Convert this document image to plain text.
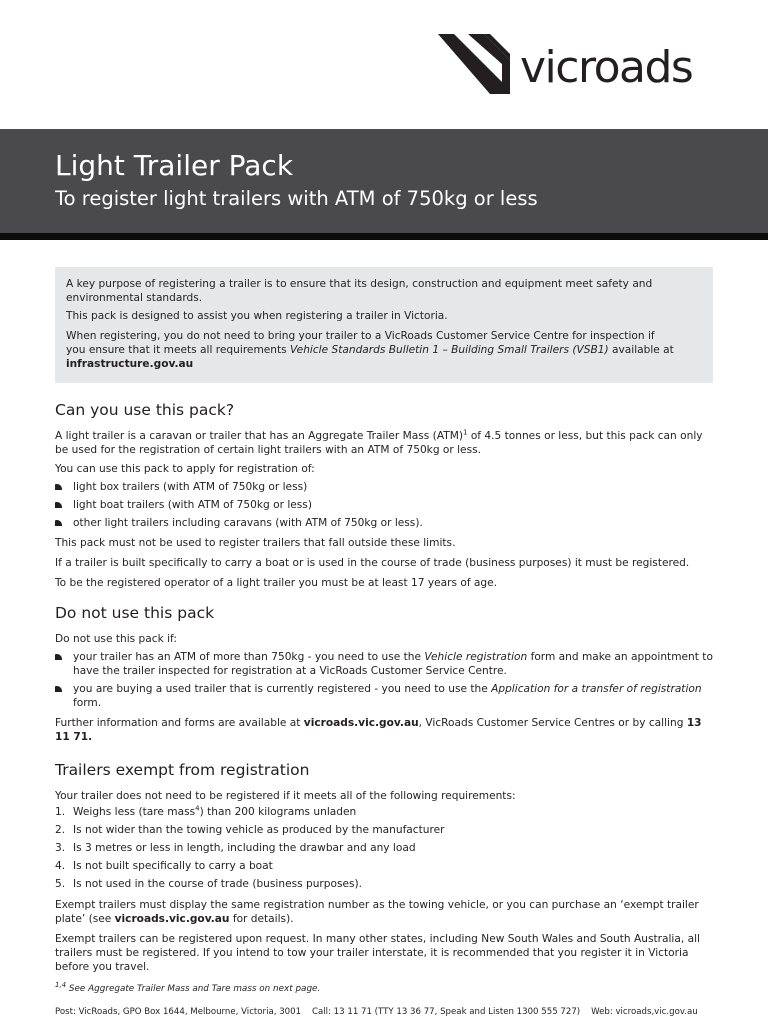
vicroads
Light Trailer Pack
To register light trailers with ATM of 750kg or less

A key purpose of registering a trailer is to ensure that its design, construction and equipment meet safety and environmental standards.

This pack is designed to assist you when registering a trailer in Victoria.

When registering, you do not need to bring your trailer to a VicRoads Customer Service Centre for inspection if you ensure that it meets all requirements Vehicle Standards Bulletin 1 – Building Small Trailers (VSB1) available at infrastructure.gov.au

Can you use this pack?

A light trailer is a caravan or trailer that has an Aggregate Trailer Mass (ATM)$^1$ of 4.5 tonnes or less, but this pack can only be used for the registration of certain light trailers with an ATM of 750kg or less.

You can use this pack to apply for registration of:

light box trailers (with ATM of 750kg or less)
light boat trailers (with ATM of 750kg or less)
other light trailers including caravans (with ATM of 750kg or less).

This pack must not be used to register trailers that fall outside these limits.

If a trailer is built specifically to carry a boat or is used in the course of trade (business purposes) it must be registered.

To be the registered operator of a light trailer you must be at least 17 years of age.

Do not use this pack

Do not use this pack if:

your trailer has an ATM of more than 750kg - you need to use the Vehicle registration form and make an appointment to have the trailer inspected for registration at a VicRoads Customer Service Centre.
you are buying a used trailer that is currently registered - you need to use the Application for a transfer of registration form.

Further information and forms are available at vicroads.vic.gov.au, VicRoads Customer Service Centres or by calling 13 11 71.

Trailers exempt from registration

Your trailer does not need to be registered if it meets all of the following requirements:

1. Weighs less (tare mass$^4$) than 200 kilograms unladen
2. Is not wider than the towing vehicle as produced by the manufacturer
3. Is 3 metres or less in length, including the drawbar and any load
4. Is not built specifically to carry a boat
5. Is not used in the course of trade (business purposes).

Exempt trailers must display the same registration number as the towing vehicle, or you can purchase an ‘exempt trailer plate’ (see vicroads.vic.gov.au for details).

Exempt trailers can be registered upon request. In many other states, including New South Wales and South Australia, all trailers must be registered. If you intend to tow your trailer interstate, it is recommended that you register it in Victoria before you travel.

$^{1,4}$ See Aggregate Trailer Mass and Tare mass on next page.

Post: VicRoads, GPO Box 1644, Melbourne, Victoria, 3001 Call: 13 11 71 (TTY 13 36 77, Speak and Listen 1300 555 727) Web: vicroads,vic.gov.au
